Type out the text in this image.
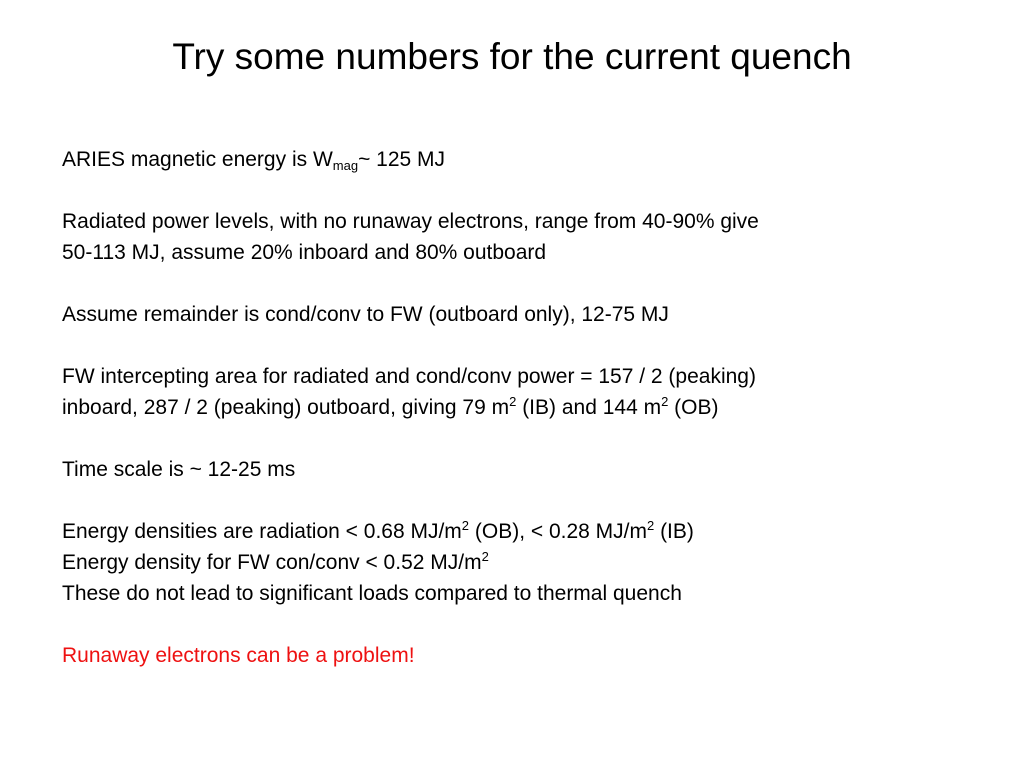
Try some numbers for the current quench
ARIES magnetic energy is $W_{mag}\sim$ 125 MJ
Radiated power levels, with no runaway electrons, range from 40-90% give
50-113 MJ, assume 20% inboard and 80% outboard
Assume remainder is cond/conv to FW (outboard only), 12-75 MJ
FW intercepting area for radiated and cond/conv power = 157 / 2 (peaking)
inboard, 287 / 2 (peaking) outboard, giving 79 $m^2$ (IB) and 144 $m^2$ (OB)
Time scale is ~ 12-25 ms
Energy densities are radiation < 0.68 $MJ/m^2$ (OB), < 0.28 $MJ/m^2$ (IB)
Energy density for FW con/conv < 0.52 $MJ/m^2$
These do not lead to significant loads compared to thermal quench
Runaway electrons can be a problem!
